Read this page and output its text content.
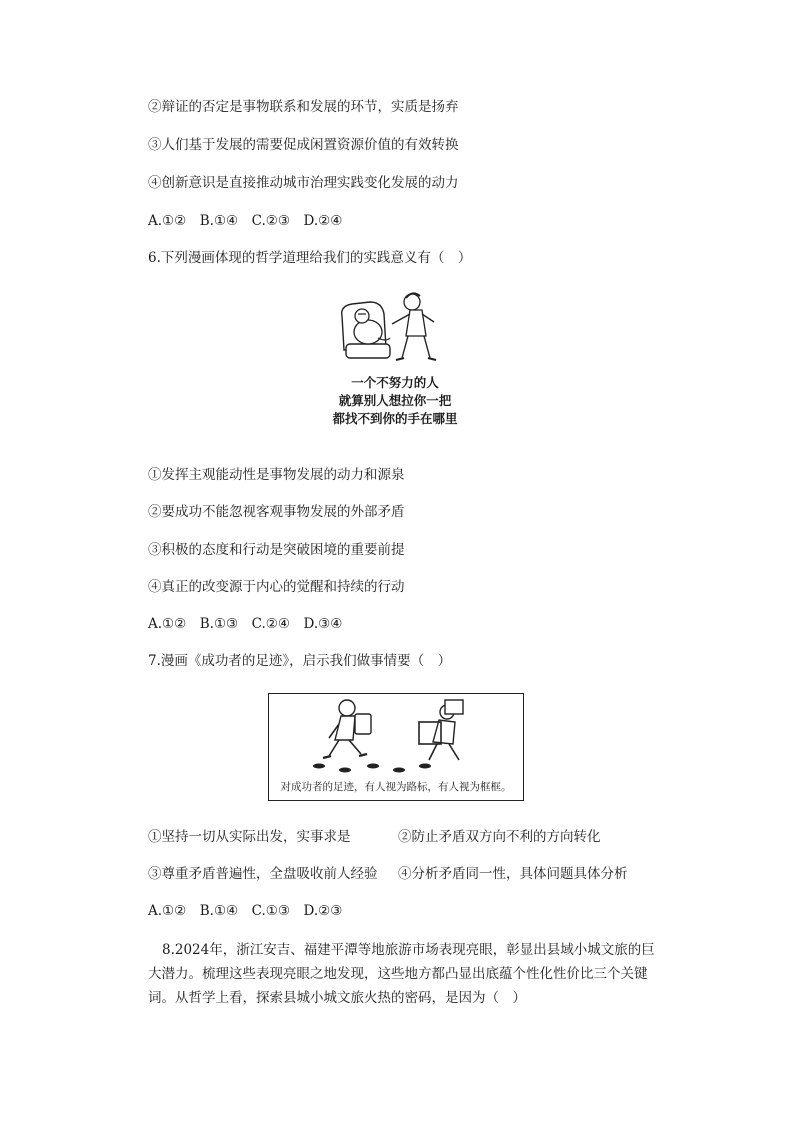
②辩证的否定是事物联系和发展的环节，实质是扬弃
③人们基于发展的需要促成闲置资源价值的有效转换
④创新意识是直接推动城市治理实践变化发展的动力
A.①②　B.①④　C.②③　D.②④
6.下列漫画体现的哲学道理给我们的实践意义有（　）
一个不努力的人
就算别人想拉你一把
都找不到你的手在哪里
①发挥主观能动性是事物发展的动力和源泉
②要成功不能忽视客观事物发展的外部矛盾
③积极的态度和行动是突破困境的重要前提
④真正的改变源于内心的觉醒和持续的行动
A.①②　B.①③　C.②④　D.③④
7.漫画《成功者的足迹》，启示我们做事情要（　）
对成功者的足迹，有人视为路标，有人视为框框。
①坚持一切从实际出发，实事求是	②防止矛盾双方向不利的方向转化
③尊重矛盾普遍性，全盘吸收前人经验 ④分析矛盾同一性，具体问题具体分析
A.①②　B.①④　C.①③　D.②③
8.2024年，浙江安吉、福建平潭等地旅游市场表现亮眼，彰显出县域小城文旅的巨大潜力。梳理这些表现亮眼之地发现，这些地方都凸显出底蕴个性化性价比三个关键词。从哲学上看，探索县城小城文旅火热的密码，是因为（　）
